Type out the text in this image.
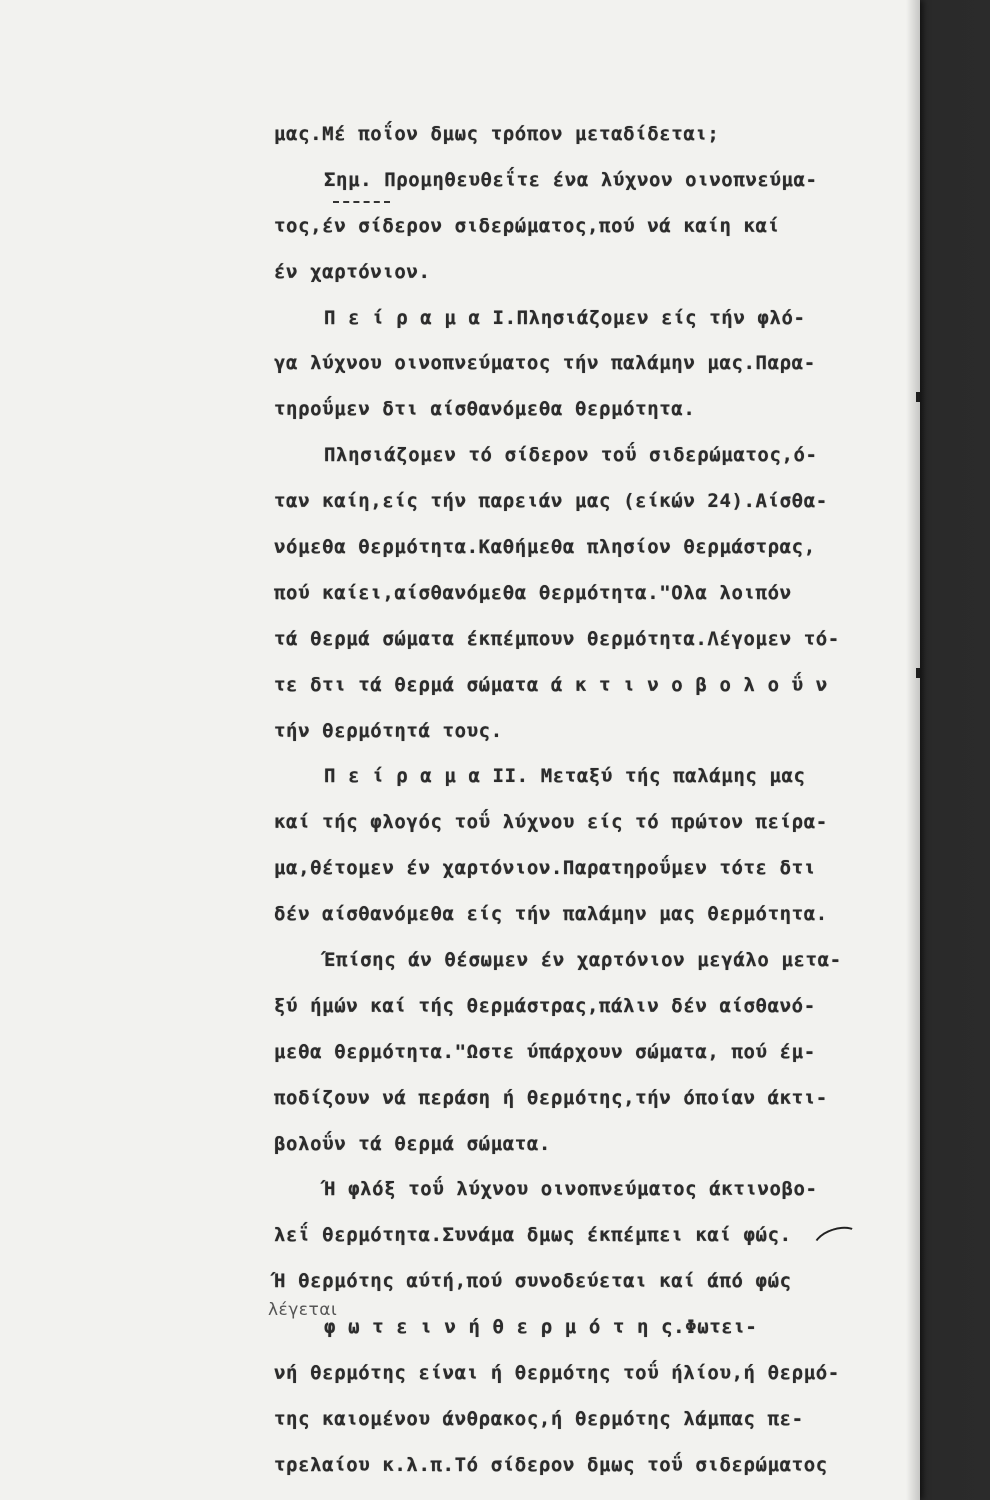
μας.Μέ ποΐον δμως τρόπον μεταδίδεται;
Σημ. Προμηθευθεΐτε ένα λύχνον οινοπνεύμα-
τος,έν σίδερον σιδερώματος,πού νά καίη καί
έν χαρτόνιον.
Π ε ί ρ α μ α Ι.Πλησιάζομεν είς τήν φλό-
γα λύχνου οινοπνεύματος τήν παλάμην μας.Παρα-
τηροΰμεν δτι αίσθανόμεθα θερμότητα.
Πλησιάζομεν τό σίδερον τοΰ σιδερώματος,ό-
ταν καίη,είς τήν παρειάν μας (είκών 24).Αίσθα-
νόμεθα θερμότητα.Καθήμεθα πλησίον θερμάστρας,
πού καίει,αίσθανόμεθα θερμότητα."Ολα λοιπόν
τά θερμά σώματα έκπέμπουν θερμότητα.Λέγομεν τό-
τε δτι τά θερμά σώματα ά κ τ ι ν ο β ο λ ο ΰ ν
τήν θερμότητά τους.
Π ε ί ρ α μ α ΙΙ. Μεταξύ τής παλάμης μας
καί τής φλογός τοΰ λύχνου είς τό πρώτον πείρα-
μα,θέτομεν έν χαρτόνιον.Παρατηροΰμεν τότε δτι
δέν αίσθανόμεθα είς τήν παλάμην μας θερμότητα.
Έπίσης άν θέσωμεν έν χαρτόνιον μεγάλο μετα-
ξύ ήμών καί τής θερμάστρας,πάλιν δέν αίσθανό-
μεθα θερμότητα."Ωστε ύπάρχουν σώματα, πού έμ-
ποδίζουν νά περάση ή θερμότης,τήν όποίαν άκτι-
βολοΰν τά θερμά σώματα.
Ή φλόξ τοΰ λύχνου οινοπνεύματος άκτινοβο-
λεΐ θερμότητα.Συνάμα δμως έκπέμπει καί φώς.
Ή θερμότης αύτή,πού συνοδεύεται καί άπό φώς
φ ω τ ε ι ν ή θ ε ρ μ ό τ η ς.Φωτει-
νή θερμότης είναι ή θερμότης τοΰ ήλίου,ή θερμό-
της καιομένου άνθρακος,ή θερμότης λάμπας πε-
τρελαίου κ.λ.π.Τό σίδερον δμως τοΰ σιδερώματος
λέγεται
